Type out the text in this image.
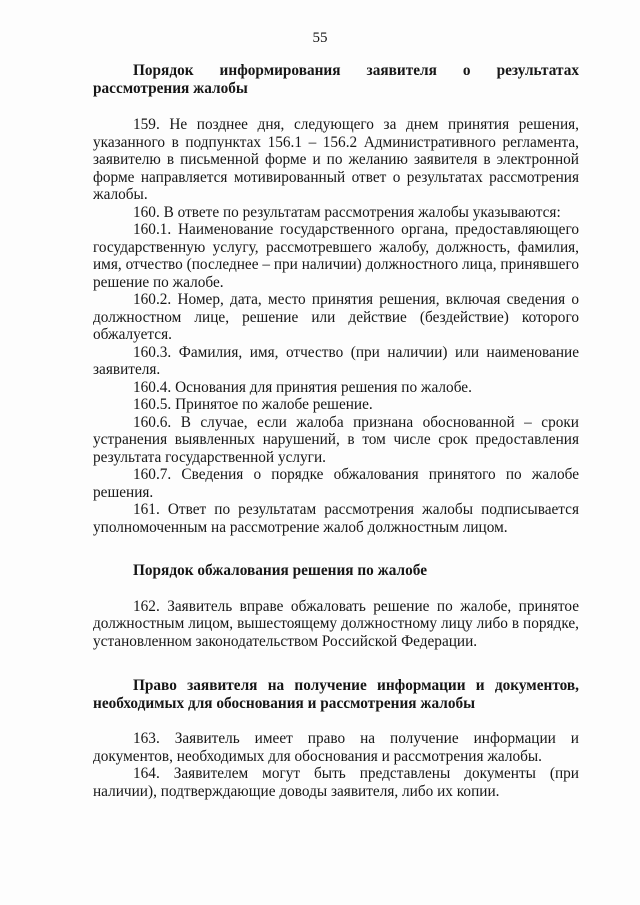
55
Порядок информирования заявителя о результатах рассмотрения жалобы
159. Не позднее дня, следующего за днем принятия решения, указанного в подпунктах 156.1 – 156.2 Административного регламента, заявителю в письменной форме и по желанию заявителя в электронной форме направляется мотивированный ответ о результатах рассмотрения жалобы.
160. В ответе по результатам рассмотрения жалобы указываются:
160.1. Наименование государственного органа, предоставляющего государственную услугу, рассмотревшего жалобу, должность, фамилия, имя, отчество (последнее – при наличии) должностного лица, принявшего решение по жалобе.
160.2. Номер, дата, место принятия решения, включая сведения о должностном лице, решение или действие (бездействие) которого обжалуется.
160.3. Фамилия, имя, отчество (при наличии) или наименование заявителя.
160.4. Основания для принятия решения по жалобе.
160.5. Принятое по жалобе решение.
160.6. В случае, если жалоба признана обоснованной – сроки устранения выявленных нарушений, в том числе срок предоставления результата государственной услуги.
160.7. Сведения о порядке обжалования принятого по жалобе решения.
161. Ответ по результатам рассмотрения жалобы подписывается уполномоченным на рассмотрение жалоб должностным лицом.
Порядок обжалования решения по жалобе
162. Заявитель вправе обжаловать решение по жалобе, принятое должностным лицом, вышестоящему должностному лицу либо в порядке, установленном законодательством Российской Федерации.
Право заявителя на получение информации и документов, необходимых для обоснования и рассмотрения жалобы
163. Заявитель имеет право на получение информации и документов, необходимых для обоснования и рассмотрения жалобы.
164. Заявителем могут быть представлены документы (при наличии), подтверждающие доводы заявителя, либо их копии.
